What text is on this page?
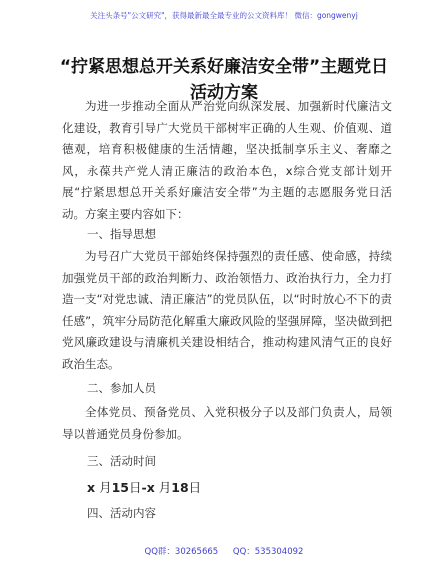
关注头条号"公文研究"，获得最新最全最专业的公文资料库！ 微信：gongwenyj
“拧紧思想总开关系好廉洁安全带”主题党日
活动方案
为进一步推动全面从严治党向纵深发展、加强新时代廉洁文化建设，教育引导广大党员干部树牢正确的人生观、价值观、道德观，培育积极健康的生活情趣，坚决抵制享乐主义、奢靡之风，永葆共产党人清正廉洁的政治本色，x综合党支部计划开展“拧紧思想总开关系好廉洁安全带”为主题的志愿服务党日活动。方案主要内容如下：
一、指导思想
为号召广大党员干部始终保持强烈的责任感、使命感，持续加强党员干部的政治判断力、政治领悟力、政治执行力，全力打造一支“对党忠诚、清正廉洁”的党员队伍，以“时时放心不下的责任感”，筑牢分局防范化解重大廉政风险的坚强屏障，坚决做到把党风廉政建设与清廉机关建设相结合，推动构建风清气正的良好政治生态。
二、参加人员
全体党员、预备党员、入党积极分子以及部门负责人，局领导以普通党员身份参加。
三、活动时间
x 月15日-x 月18日
四、活动内容
QQ群：30265665 QQ：535304092
